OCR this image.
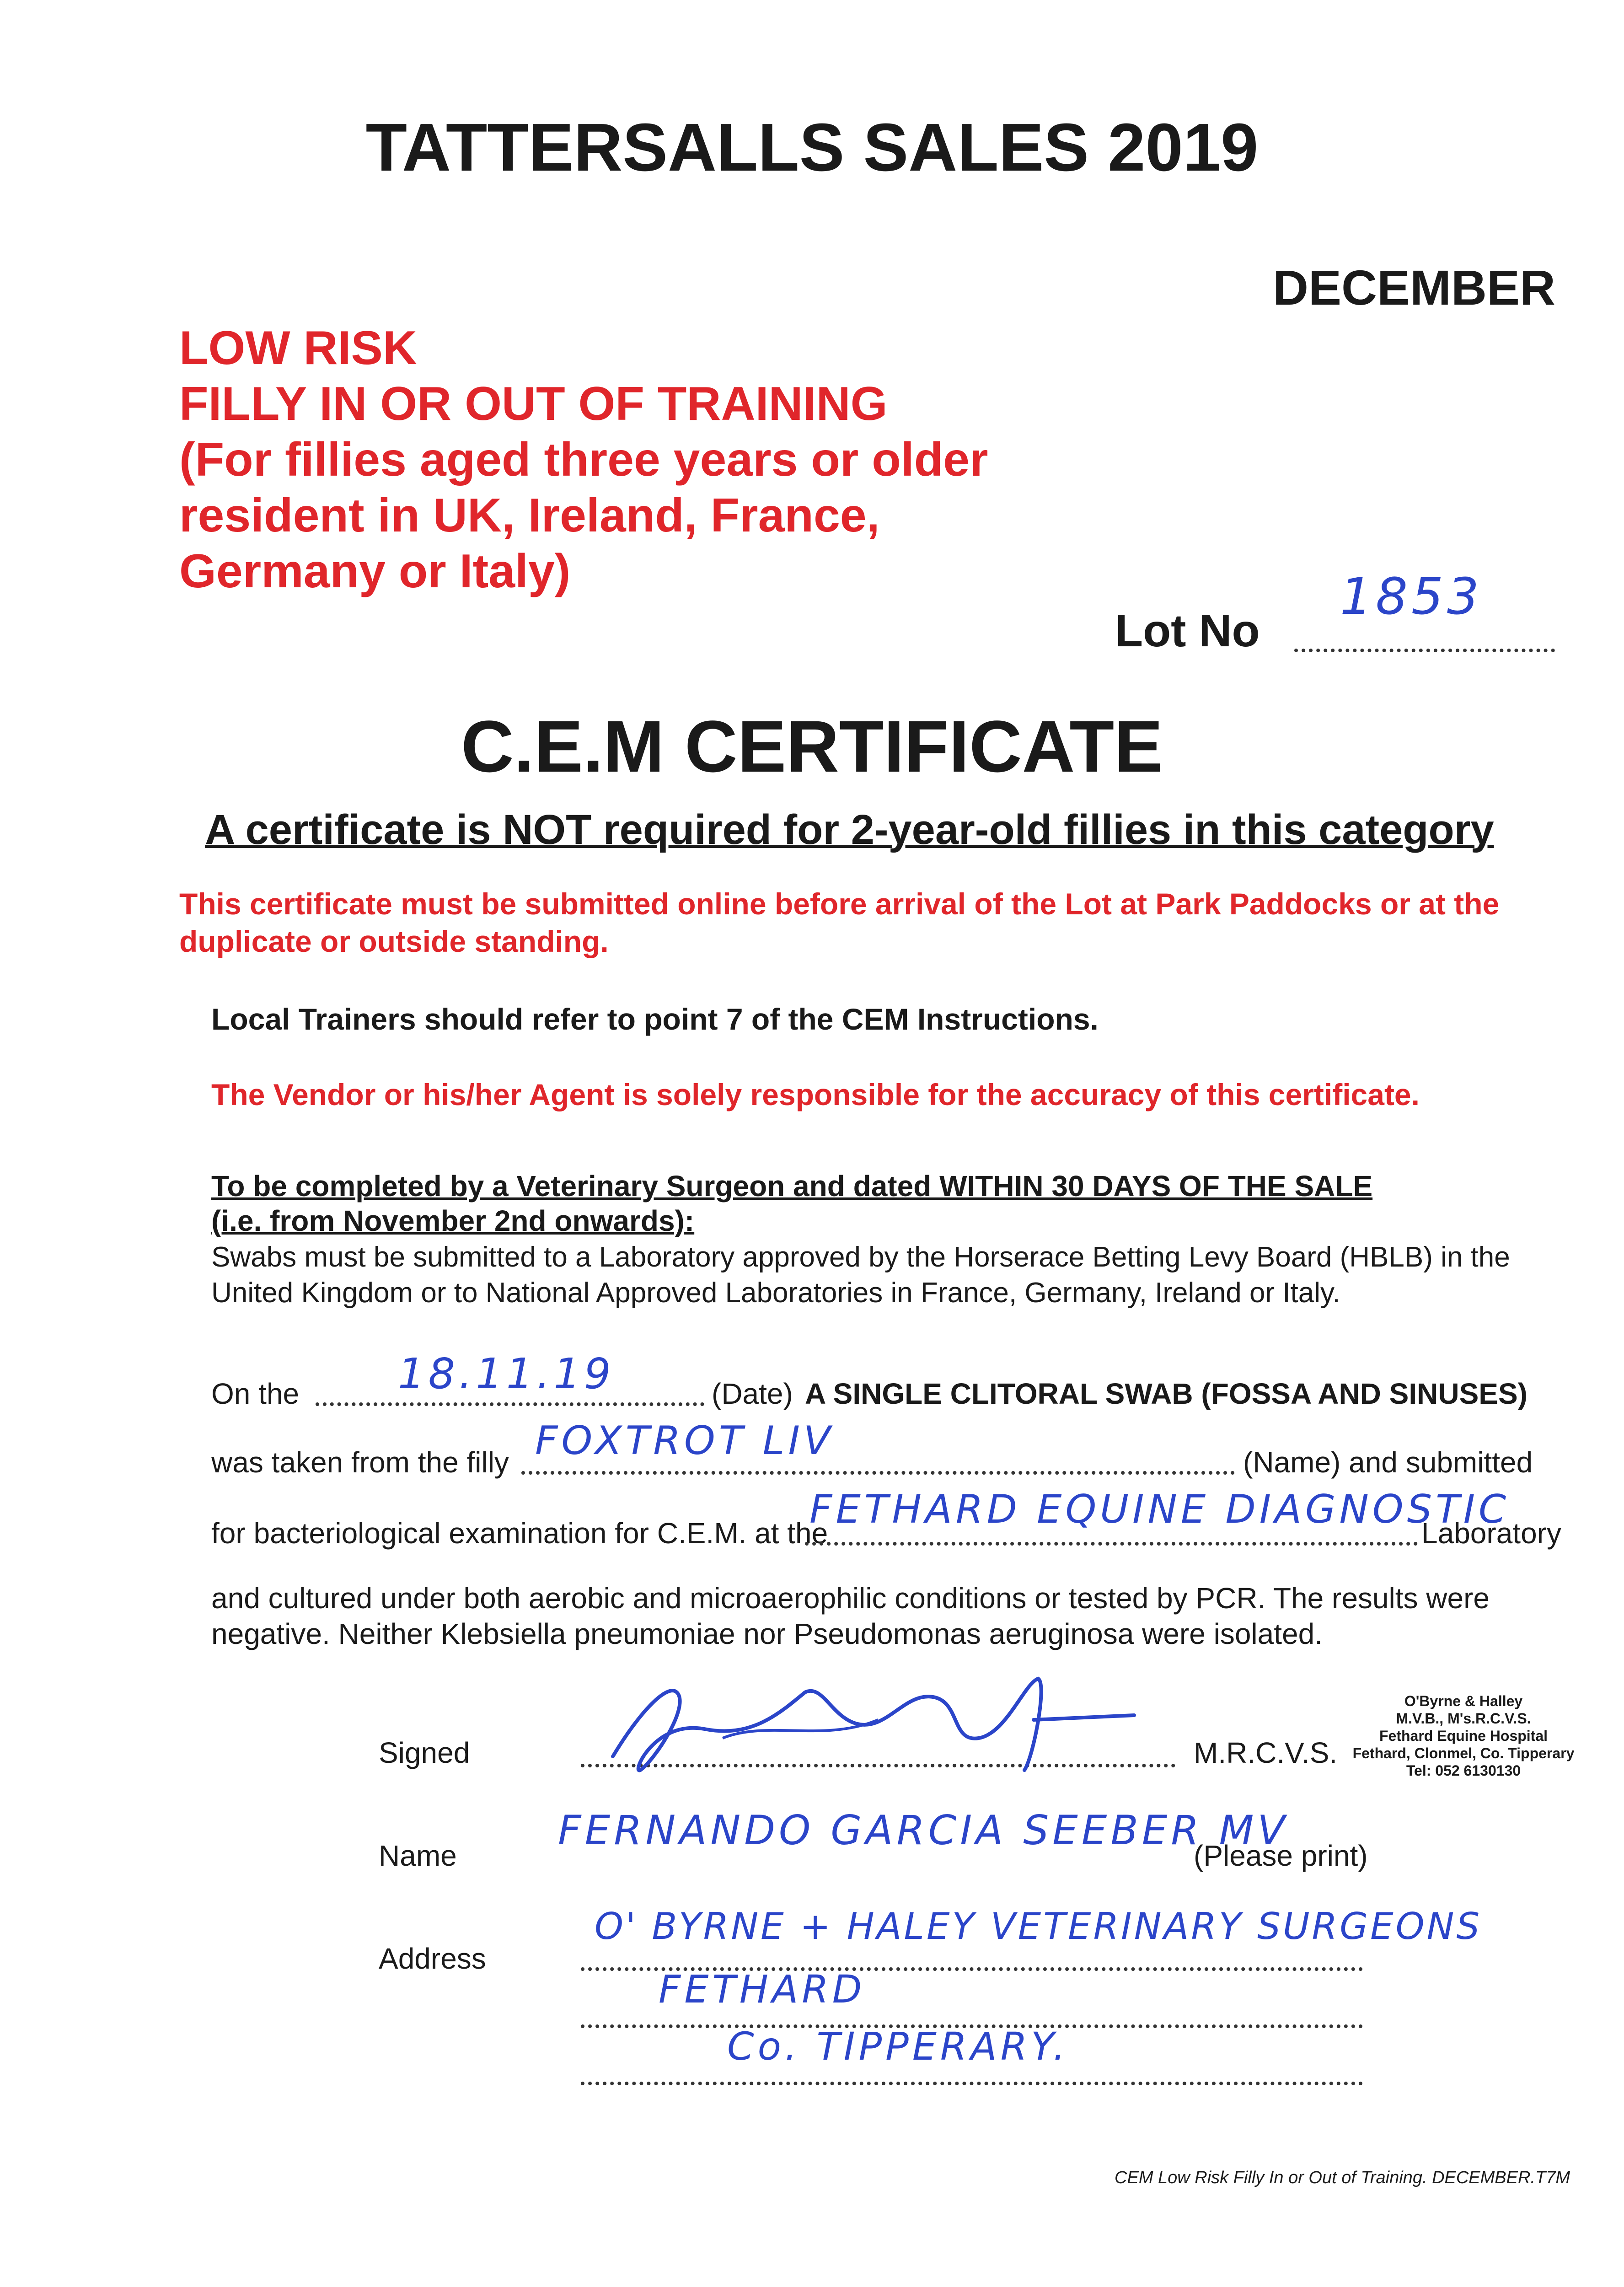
TATTERSALLS SALES 2019
DECEMBER
LOW RISK
FILLY IN OR OUT OF TRAINING
(For fillies aged three years or older
resident in UK, Ireland, France,
Germany or Italy)
Lot No
1853
C.E.M CERTIFICATE
A certificate is NOT required for 2-year-old fillies in this category
This certificate must be submitted online before arrival of the Lot at Park Paddocks or at the duplicate or outside standing.
Local Trainers should refer to point 7 of the CEM Instructions.
The Vendor or his/her Agent is solely responsible for the accuracy of this certificate.
To be completed by a Veterinary Surgeon and dated WITHIN 30 DAYS OF THE SALE
(i.e. from November 2nd onwards):
Swabs must be submitted to a Laboratory approved by the Horserace Betting Levy Board (HBLB) in the United Kingdom or to National Approved Laboratories in France, Germany, Ireland or Italy.
On the 18.11.19	(Date) A SINGLE CLITORAL SWAB (FOSSA AND SINUSES)
was taken from the filly FOXTROT LIV	(Name) and submitted
for bacteriological examination for C.E.M. at the
FETHARD EQUINE DIAGNOSTIC
Laboratory
and cultured under both aerobic and microaerophilic conditions or tested by PCR. The results were negative. Neither Klebsiella pneumoniae nor Pseudomonas aeruginosa were isolated.
Signed	M.R.C.V.S.
O'Byrne & Halley
M.V.B., M's.R.C.V.S.
Fethard Equine Hospital
Fethard, Clonmel, Co. Tipperary
Tel: 052 6130130
Name
FERNANDO GARCIA SEEBER MV
(Please print)
Address
O' BYRNE + HALEY VETERINARY SURGEONS
FETHARD
Co. TIPPERARY.
CEM Low Risk Filly In or Out of Training. DECEMBER.T7M
